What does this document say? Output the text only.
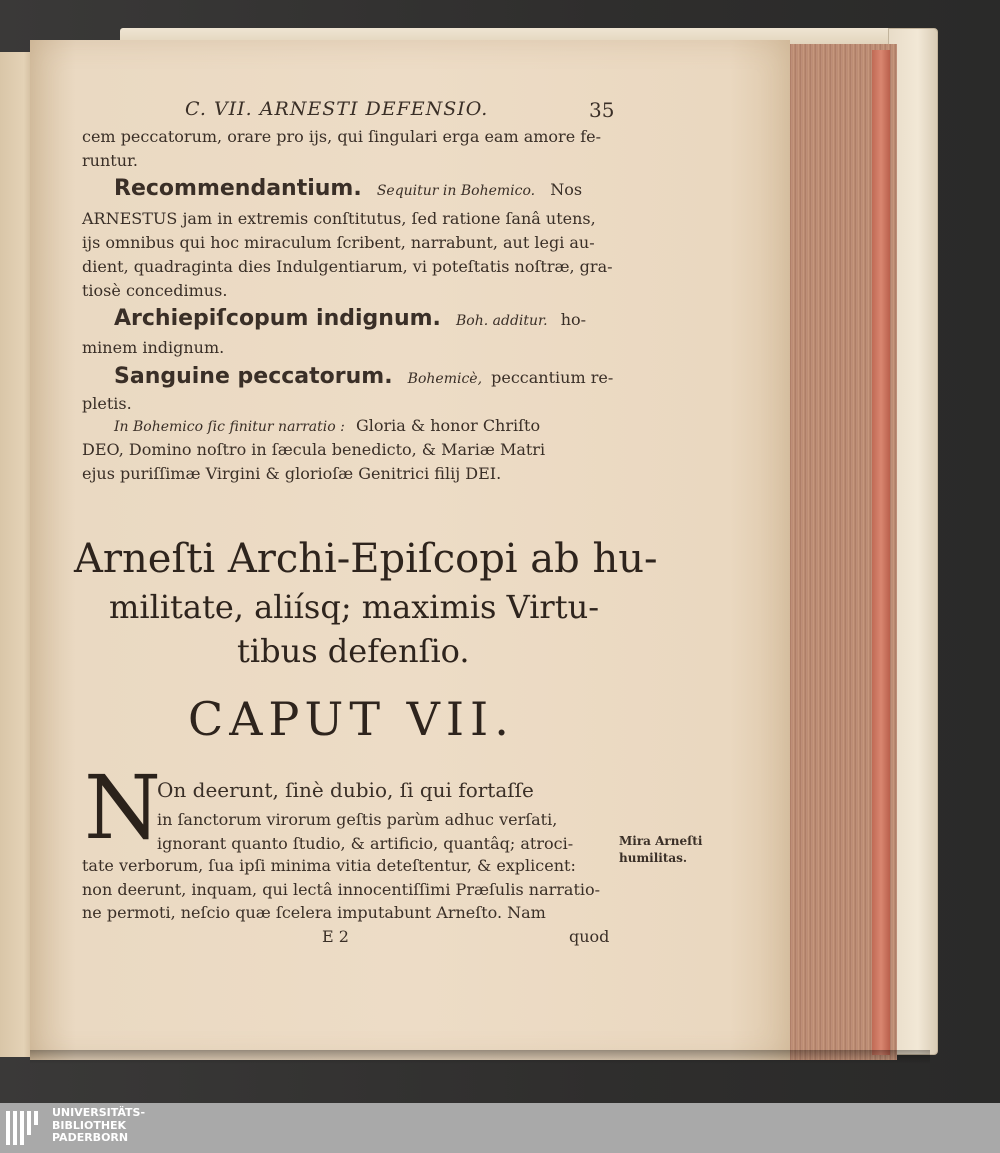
C. VII. ARNESTI DEFENSIO.	35
cem peccatorum, orare pro ijs, qui ſingulari erga eam amore fe-
runtur.
Recommendantium. Sequitur in Bohemico. Nos
ARNESTUS jam in extremis conſtitutus, ſed ratione ſanâ utens,
ijs omnibus qui hoc miraculum ſcribent, narrabunt, aut legi au-
dient, quadraginta dies Indulgentiarum, vi poteſtatis noſtræ, gra-
tiosè concedimus.
Archiepiſcopum indignum. Boh. additur. ho-
minem indignum.
Sanguine peccatorum. Bohemicè, peccantium re-
pletis.
In Bohemico ſic finitur narratio : Gloria & honor Chriſto
DEO, Domino noſtro in ſæcula benedicto, & Mariæ Matri
ejus puriſſimæ Virgini & glorioſæ Genitrici filij DEI.
Arneſti Archi-Epiſcopi ab hu-
militate, aliísq; maximis Virtu-
tibus defenſio.
CAPUT VII.
N
On deerunt, ſinè dubio, ſi qui fortaſſe
in ſanctorum virorum geſtis parùm adhuc verſati,
ignorant quanto ſtudio, & artificio, quantâq; atroci-
tate verborum, ſua ipſi minima vitia deteſtentur, & explicent:
non deerunt, inquam, qui lectâ innocentiſſimi Præſulis narratio-
ne permoti, neſcio quæ ſcelera imputabunt Arneſto. Nam
E 2	quod
Mira Arneſti
humilitas.
UNIVERSITÄTS-
BIBLIOTHEK
PADERBORN
